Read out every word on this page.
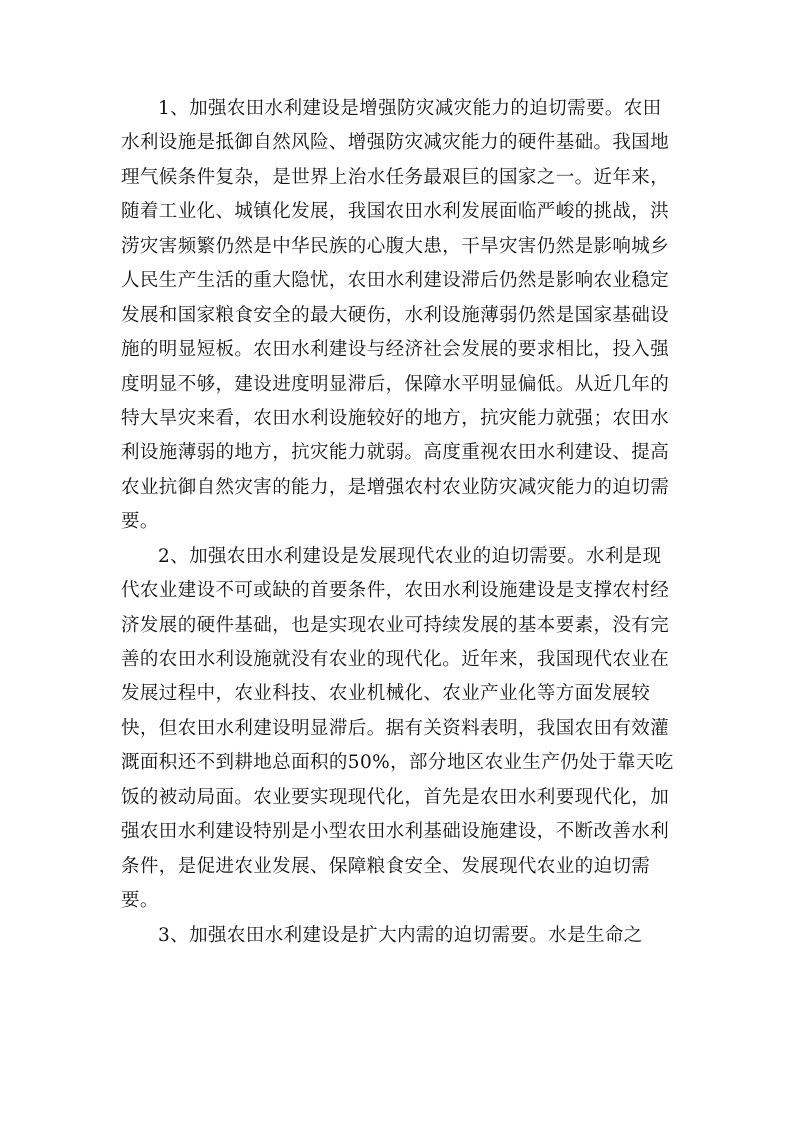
1、加强农田水利建设是增强防灾减灾能力的迫切需要。农田
水利设施是抵御自然风险、增强防灾减灾能力的硬件基础。我国地
理气候条件复杂，是世界上治水任务最艰巨的国家之一。近年来，
随着工业化、城镇化发展，我国农田水利发展面临严峻的挑战，洪
涝灾害频繁仍然是中华民族的心腹大患，干旱灾害仍然是影响城乡
人民生产生活的重大隐忧，农田水利建设滞后仍然是影响农业稳定
发展和国家粮食安全的最大硬伤，水利设施薄弱仍然是国家基础设
施的明显短板。农田水利建设与经济社会发展的要求相比，投入强
度明显不够，建设进度明显滞后，保障水平明显偏低。从近几年的
特大旱灾来看，农田水利设施较好的地方，抗灾能力就强；农田水
利设施薄弱的地方，抗灾能力就弱。高度重视农田水利建设、提高
农业抗御自然灾害的能力，是增强农村农业防灾减灾能力的迫切需
要。
2、加强农田水利建设是发展现代农业的迫切需要。水利是现
代农业建设不可或缺的首要条件，农田水利设施建设是支撑农村经
济发展的硬件基础，也是实现农业可持续发展的基本要素，没有完
善的农田水利设施就没有农业的现代化。近年来，我国现代农业在
发展过程中，农业科技、农业机械化、农业产业化等方面发展较
快，但农田水利建设明显滞后。据有关资料表明，我国农田有效灌
溉面积还不到耕地总面积的50%，部分地区农业生产仍处于靠天吃
饭的被动局面。农业要实现现代化，首先是农田水利要现代化，加
强农田水利建设特别是小型农田水利基础设施建设，不断改善水利
条件，是促进农业发展、保障粮食安全、发展现代农业的迫切需
要。
3、加强农田水利建设是扩大内需的迫切需要。水是生命之
